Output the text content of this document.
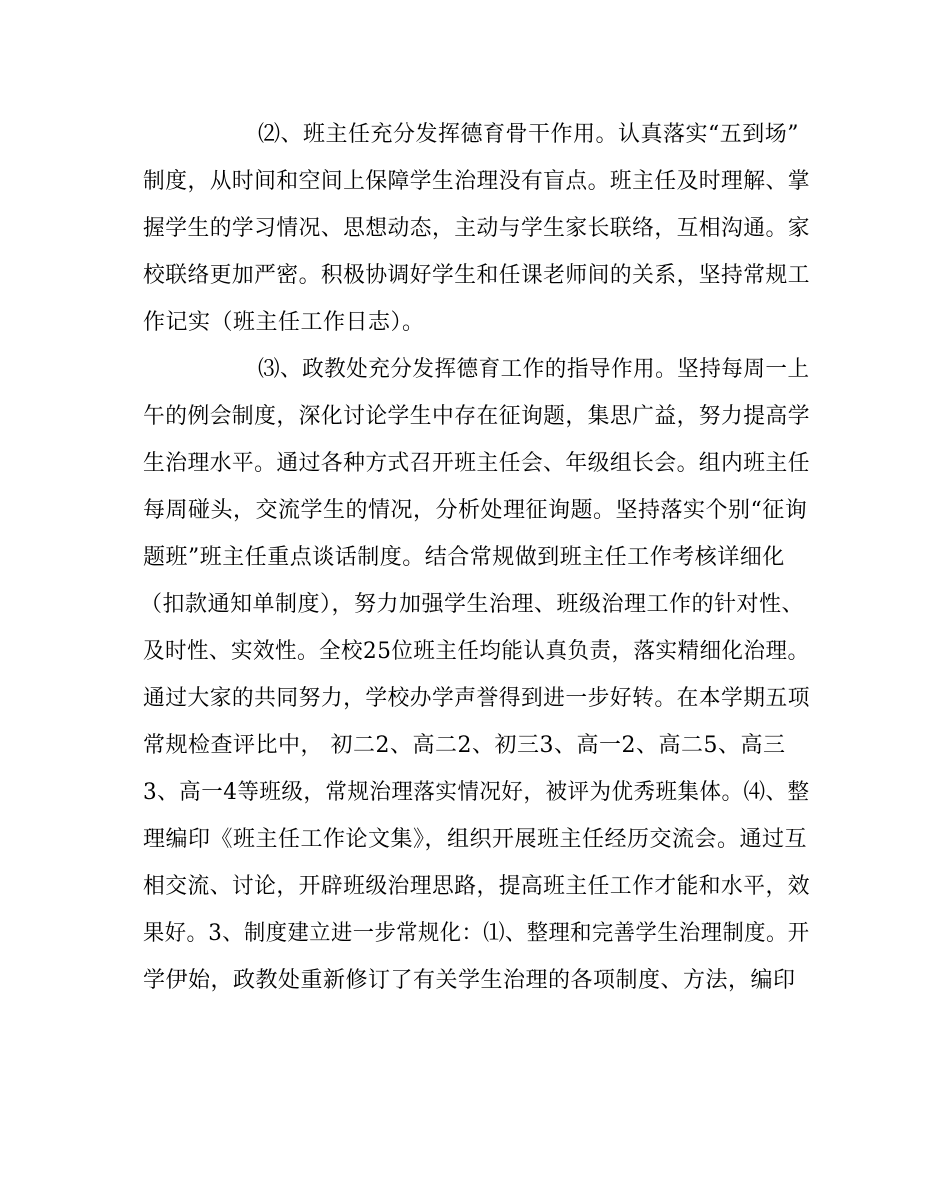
⑵、班主任充分发挥德育骨干作用。认真落实“五到场”
制度，从时间和空间上保障学生治理没有盲点。班主任及时理解、掌
握学生的学习情况、思想动态，主动与学生家长联络，互相沟通。家
校联络更加严密。积极协调好学生和任课老师间的关系，坚持常规工
作记实（班主任工作日志）。
⑶、政教处充分发挥德育工作的指导作用。坚持每周一上
午的例会制度，深化讨论学生中存在征询题，集思广益，努力提高学
生治理水平。通过各种方式召开班主任会、年级组长会。组内班主任
每周碰头，交流学生的情况，分析处理征询题。坚持落实个别“征询
题班”班主任重点谈话制度。结合常规做到班主任工作考核详细化
（扣款通知单制度），努力加强学生治理、班级治理工作的针对性、
及时性、实效性。全校25位班主任均能认真负责，落实精细化治理。
通过大家的共同努力，学校办学声誉得到进一步好转。在本学期五项
常规检查评比中， 初二2、高二2、初三3、高一2、高二5、高三
3、高一4等班级，常规治理落实情况好，被评为优秀班集体。⑷、整
理编印《班主任工作论文集》，组织开展班主任经历交流会。通过互
相交流、讨论，开辟班级治理思路，提高班主任工作才能和水平，效
果好。3、制度建立进一步常规化：⑴、整理和完善学生治理制度。开
学伊始，政教处重新修订了有关学生治理的各项制度、方法，编印
